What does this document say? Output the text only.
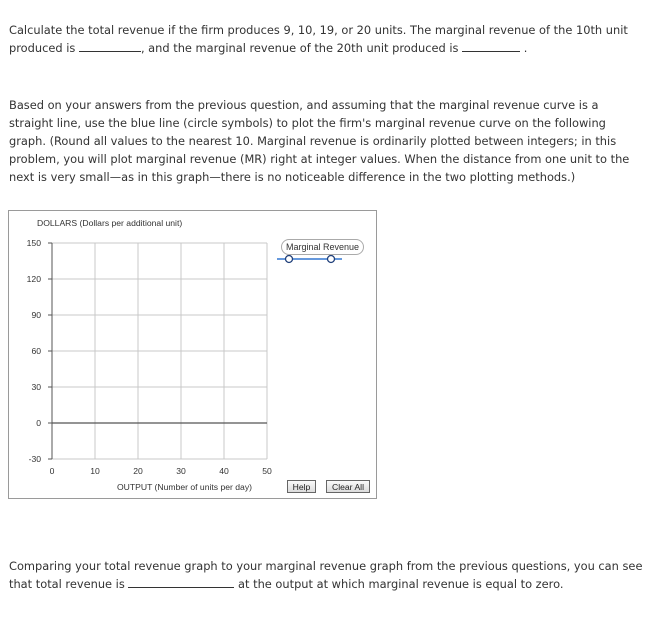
Calculate the total revenue if the firm produces 9, 10, 19, or 20 units. The marginal revenue of the 10th unit produced is	, and the marginal revenue of the 20th unit produced is	.
Based on your answers from the previous question, and assuming that the marginal revenue curve is a straight line, use the blue line (circle symbols) to plot the firm's marginal revenue curve on the following graph. (Round all values to the nearest 10. Marginal revenue is ordinarily plotted between integers; in this problem, you will plot marginal revenue (MR) right at integer values. When the distance from one unit to the next is very small—as in this graph—there is no noticeable difference in the two plotting methods.)
DOLLARS (Dollars per additional unit)
150
120
90
60
30
0
-30
0	10	20	30	40	50
OUTPUT (Number of units per day)
Marginal Revenue
Help	Clear All
Comparing your total revenue graph to your marginal revenue graph from the previous questions, you can see that total revenue is	at the output at which marginal revenue is equal to zero.
